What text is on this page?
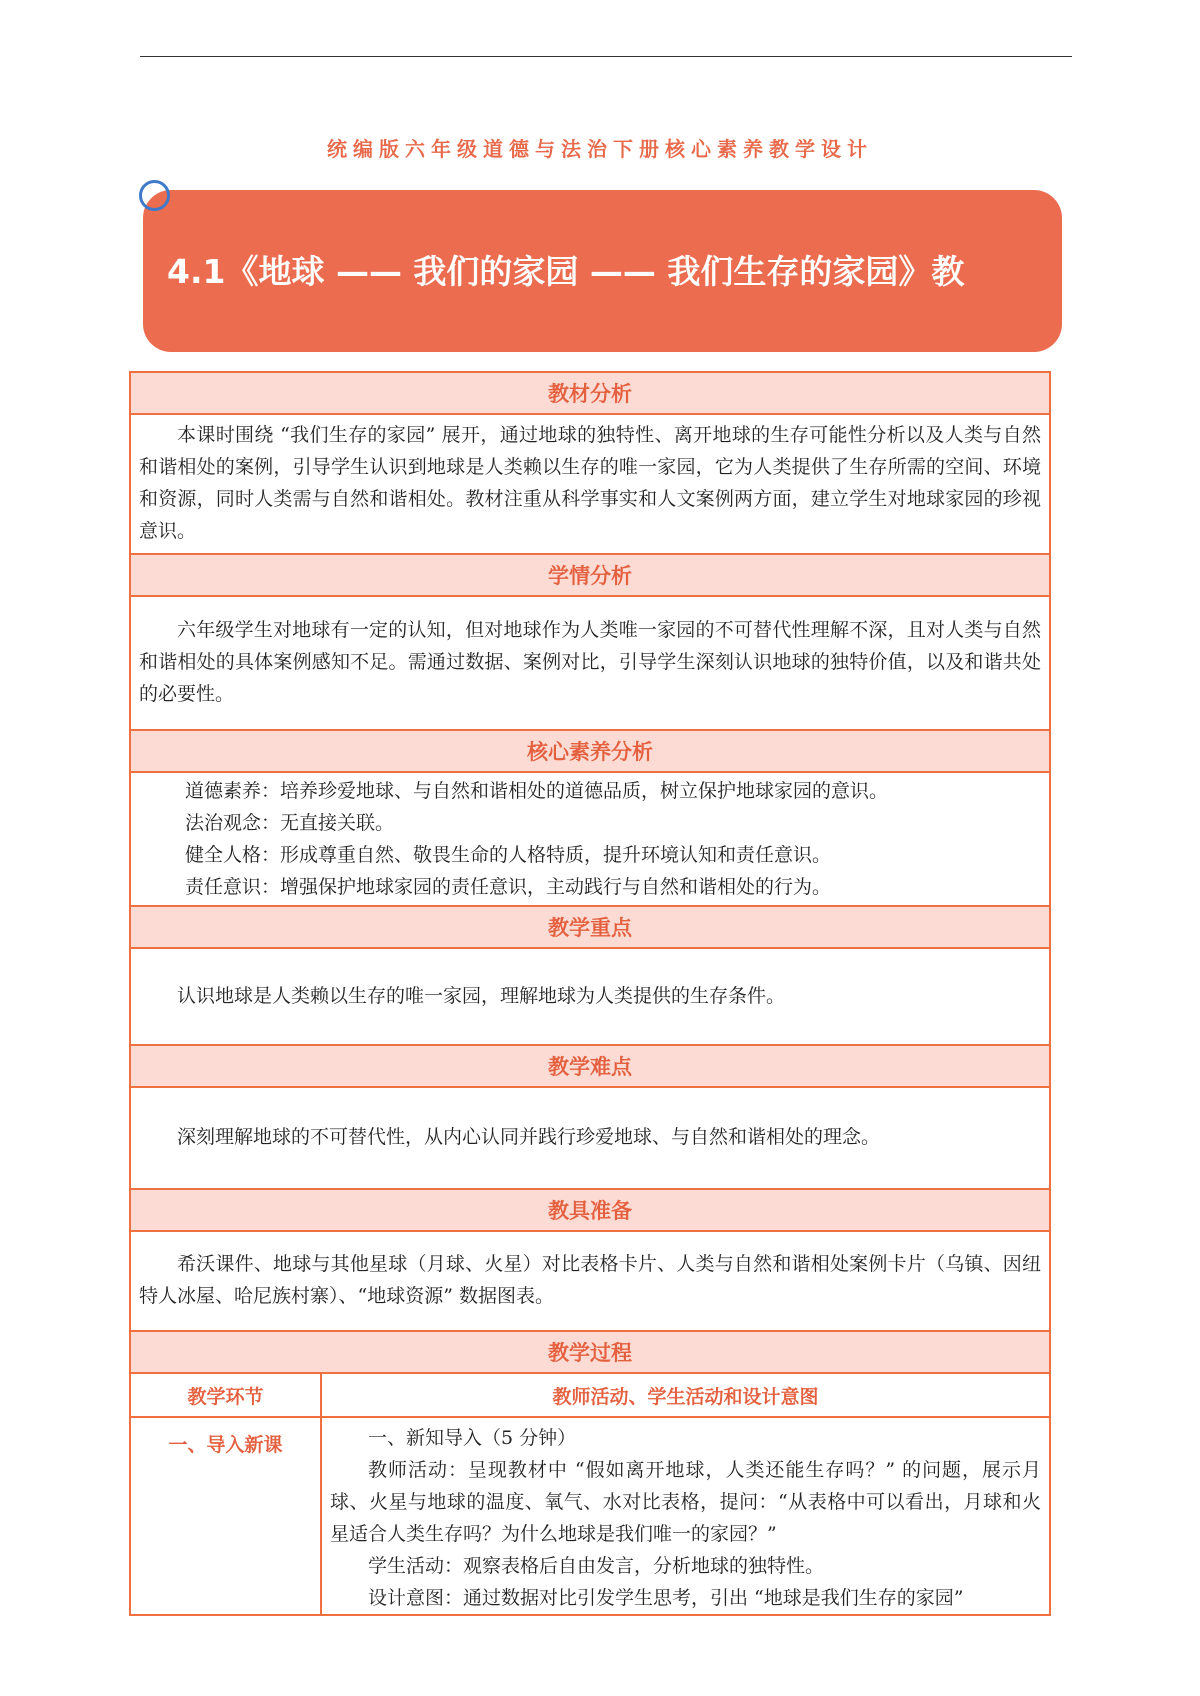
统编版六年级道德与法治下册核心素养教学设计
4.1《地球 —— 我们的家园 —— 我们生存的家园》教
教材分析	

本课时围绕 “我们生存的家园” 展开，通过地球的独特性、离开地球的生存可能性分析以及人类与自然和谐相处的案例，引导学生认识到地球是人类赖以生存的唯一家园，它为人类提供了生存所需的空间、环境和资源，同时人类需与自然和谐相处。教材注重从科学事实和人文案例两方面，建立学生对地球家园的珍视意识。	

学情分析	

六年级学生对地球有一定的认知，但对地球作为人类唯一家园的不可替代性理解不深，且对人类与自然和谐相处的具体案例感知不足。需通过数据、案例对比，引导学生深刻认识地球的独特价值，以及和谐共处的必要性。	

核心素养分析	

道德素养：培养珍爱地球、与自然和谐相处的道德品质，树立保护地球家园的意识。
法治观念：无直接关联。
健全人格：形成尊重自然、敬畏生命的人格特质，提升环境认知和责任意识。
责任意识：增强保护地球家园的责任意识，主动践行与自然和谐相处的行为。	

教学重点	

认识地球是人类赖以生存的唯一家园，理解地球为人类提供的生存条件。	

教学难点	

深刻理解地球的不可替代性，从内心认同并践行珍爱地球、与自然和谐相处的理念。	

教具准备	

希沃课件、地球与其他星球（月球、火星）对比表格卡片、人类与自然和谐相处案例卡片（乌镇、因纽特人冰屋、哈尼族村寨）、“地球资源” 数据图表。	

教学过程	
教学环节	教师活动、学生活动和设计意图
一、导入新课	一、新知导入（5 分钟）
教师活动：呈现教材中 “假如离开地球，人类还能生存吗？” 的问题，展示月球、火星与地球的温度、氧气、水对比表格，提问：“从表格中可以看出，月球和火星适合人类生存吗？为什么地球是我们唯一的家园？”
学生活动：观察表格后自由发言，分析地球的独特性。
设计意图：通过数据对比引发学生思考，引出 “地球是我们生存的家园”
